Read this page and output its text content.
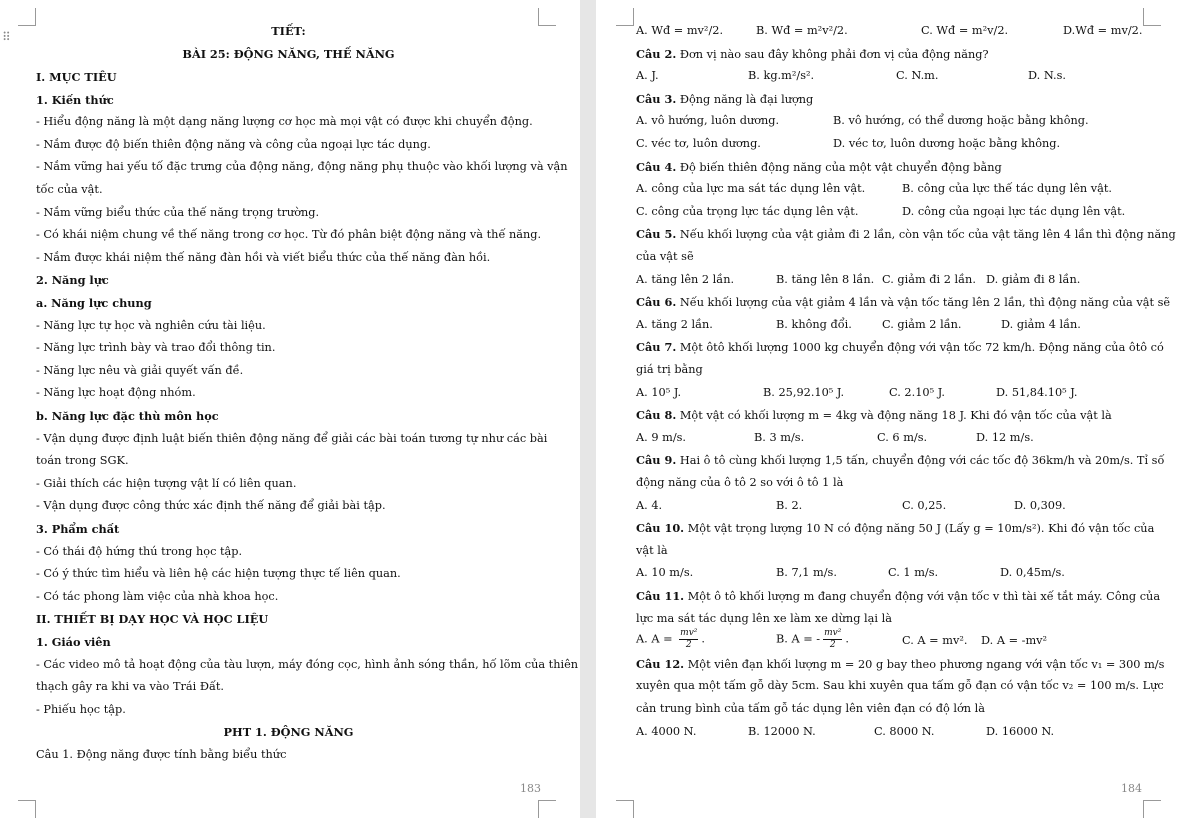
⠿	TIẾT:
BÀI 25: ĐỘNG NĂNG, THẾ NĂNG
I. MỤC TIÊU
1. Kiến thức
- Hiểu động năng là một dạng năng lượng cơ học mà mọi vật có được khi chuyển động.
- Nắm được độ biến thiên động năng và công của ngoại lực tác dụng.
- Nắm vững hai yếu tố đặc trưng của động năng, động năng phụ thuộc vào khối lượng và vận
tốc của vật.
- Nắm vững biểu thức của thế năng trọng trường.
- Có khái niệm chung về thế năng trong cơ học. Từ đó phân biệt động năng và thế năng.
- Nắm được khái niệm thế năng đàn hồi và viết biểu thức của thế năng đàn hồi.
2. Năng lực
a. Năng lực chung
- Năng lực tự học và nghiên cứu tài liệu.
- Năng lực trình bày và trao đổi thông tin.
- Năng lực nêu và giải quyết vấn đề.
- Năng lực hoạt động nhóm.
b. Năng lực đặc thù môn học
- Vận dụng được định luật biến thiên động năng để giải các bài toán tương tự như các bài
toán trong SGK.
- Giải thích các hiện tượng vật lí có liên quan.
- Vận dụng được công thức xác định thế năng để giải bài tập.
3. Phẩm chất
- Có thái độ hứng thú trong học tập.
- Có ý thức tìm hiểu và liên hệ các hiện tượng thực tế liên quan.
- Có tác phong làm việc của nhà khoa học.
II. THIẾT BỊ DẠY HỌC VÀ HỌC LIỆU
1. Giáo viên
- Các video mô tả hoạt động của tàu lượn, máy đóng cọc, hình ảnh sóng thần, hố lõm của thiên
thạch gây ra khi va vào Trái Đất.
- Phiếu học tập.
PHT 1. ĐỘNG NĂNG
Câu 1. Động năng được tính bằng biểu thức
183
A. Wđ = mv²/2.	B. Wđ = m²v²/2.	C. Wđ = m²v/2.	D.Wđ = mv/2.
Câu 2. Đơn vị nào sau đây không phải đơn vị của động năng?
A. J.	B. kg.m²/s².	C. N.m.	D. N.s.
Câu 3. Động năng là đại lượng
A. vô hướng, luôn dương.	B. vô hướng, có thể dương hoặc bằng không.
C. véc tơ, luôn dương.	D. véc tơ, luôn dương hoặc bằng không.
Câu 4. Độ biến thiên động năng của một vật chuyển động bằng
A. công của lực ma sát tác dụng lên vật.	B. công của lực thế tác dụng lên vật.
C. công của trọng lực tác dụng lên vật.	D. công của ngoại lực tác dụng lên vật.
Câu 5. Nếu khối lượng của vật giảm đi 2 lần, còn vận tốc của vật tăng lên 4 lần thì động năng
của vật sẽ
A. tăng lên 2 lần.	B. tăng lên 8 lần. C. giảm đi 2 lần. D. giảm đi 8 lần.
Câu 6. Nếu khối lượng của vật giảm 4 lần và vận tốc tăng lên 2 lần, thì động năng của vật sẽ
A. tăng 2 lần.	B. không đổi.	C. giảm 2 lần.	D. giảm 4 lần.
Câu 7. Một ôtô khối lượng 1000 kg chuyển động với vận tốc 72 km/h. Động năng của ôtô có
giá trị bằng
A. 10⁵ J.	B. 25,92.10⁵ J.	C. 2.10⁵ J.	D. 51,84.10⁵ J.
Câu 8. Một vật có khối lượng m = 4kg và động năng 18 J. Khi đó vận tốc của vật là
A. 9 m/s.	B. 3 m/s.	C. 6 m/s.	D. 12 m/s.
Câu 9. Hai ô tô cùng khối lượng 1,5 tấn, chuyển động với các tốc độ 36km/h và 20m/s. Tỉ số
động năng của ô tô 2 so với ô tô 1 là
A. 4.	B. 2.	C. 0,25.	D. 0,309.
Câu 10. Một vật trọng lượng 10 N có động năng 50 J (Lấy g = 10m/s²). Khi đó vận tốc của
vật là
A. 10 m/s.	B. 7,1 m/s.	C. 1 m/s.	D. 0,45m/s.
Câu 11. Một ô tô khối lượng m đang chuyển động với vận tốc v thì tài xế tắt máy. Công của
lực ma sát tác dụng lên xe làm xe dừng lại là
A. $A = \frac{\text{mv²}}{2}$ .	B. A = - $\frac{\text{mv²}}{2}$ .	C. A = mv². D. A = -mv²
Câu 12. Một viên đạn khối lượng m = 20 g bay theo phương ngang với vận tốc v₁ = 300 m/s
xuyên qua một tấm gỗ dày 5cm. Sau khi xuyên qua tấm gỗ đạn có vận tốc v₂ = 100 m/s. Lực
cản trung bình của tấm gỗ tác dụng lên viên đạn có độ lớn là
A. 4000 N.	B. 12000 N.	C. 8000 N.	D. 16000 N.
184
